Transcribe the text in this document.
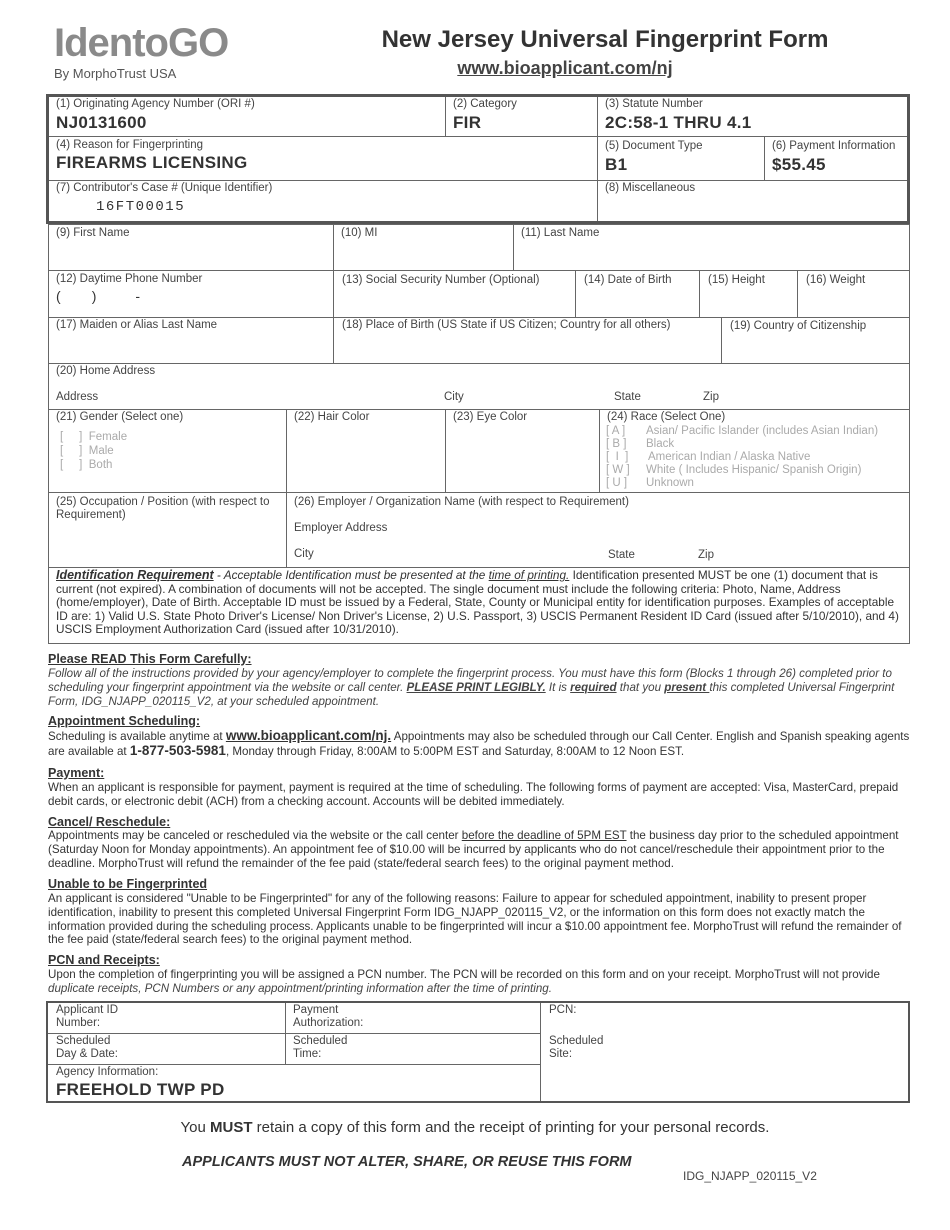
IdentoGO
By MorphoTrust USA
New Jersey Universal Fingerprint Form
www.bioapplicant.com/nj
(1) Originating Agency Number (ORI #)
NJ0131600
(2) Category
FIR
(3) Statute Number
2C:58-1 THRU 4.1
(4) Reason for Fingerprinting
FIREARMS LICENSING
(5) Document Type
B1
(6) Payment Information
$55.45
(7) Contributor's Case # (Unique Identifier)
16FT00015
(8) Miscellaneous
(9) First Name	(10) MI	(11) Last Name
(12) Daytime Phone Number
(        )          -
(13) Social Security Number (Optional)	(14) Date of Birth	(15) Height	(16) Weight
(17) Maiden or Alias Last Name	(18) Place of Birth (US State if US Citizen; Country for all others)	(19) Country of Citizenship
(20) Home Address
Address	City	State	Zip
(21) Gender (Select one)
[     ]  Female
[     ]  Male
[     ]  Both
(22) Hair Color	(23) Eye Color	(24) Race (Select One)
[ A ] Asian/ Pacific Islander (includes Asian Indian)
[ B ] Black
[  I  ] American Indian / Alaska Native
[ W ] White ( Includes Hispanic/ Spanish Origin)
[ U ] Unknown
(25) Occupation / Position (with respect to Requirement)
(26) Employer / Organization Name (with respect to Requirement)
Employer Address
City	State	Zip
Identification Requirement - Acceptable Identification must be presented at the time of printing. Identification presented MUST be one (1) document that is current (not expired). A combination of documents will not be accepted. The single document must include the following criteria: Photo, Name, Address (home/employer), Date of Birth. Acceptable ID must be issued by a Federal, State, County or Municipal entity for identification purposes. Examples of acceptable ID are: 1) Valid U.S. State Photo Driver's License/ Non Driver's License, 2) U.S. Passport, 3) USCIS Permanent Resident ID Card (issued after 5/10/2010), and 4) USCIS Employment Authorization Card (issued after 10/31/2010).
Please READ This Form Carefully:
Follow all of the instructions provided by your agency/employer to complete the fingerprint process. You must have this form (Blocks 1 through 26) completed prior to scheduling your fingerprint appointment via the website or call center. PLEASE PRINT LEGIBLY. It is required that you present this completed Universal Fingerprint Form, IDG_NJAPP_020115_V2, at your scheduled appointment.
Appointment Scheduling:
Scheduling is available anytime at www.bioapplicant.com/nj. Appointments may also be scheduled through our Call Center. English and Spanish speaking agents are available at 1-877-503-5981, Monday through Friday, 8:00AM to 5:00PM EST and Saturday, 8:00AM to 12 Noon EST.
Payment:
When an applicant is responsible for payment, payment is required at the time of scheduling. The following forms of payment are accepted: Visa, MasterCard, prepaid debit cards, or electronic debit (ACH) from a checking account. Accounts will be debited immediately.
Cancel/ Reschedule:
Appointments may be canceled or rescheduled via the website or the call center before the deadline of 5PM EST the business day prior to the scheduled appointment (Saturday Noon for Monday appointments). An appointment fee of $10.00 will be incurred by applicants who do not cancel/reschedule their appointment prior to the deadline. MorphoTrust will refund the remainder of the fee paid (state/federal search fees) to the original payment method.
Unable to be Fingerprinted
An applicant is considered "Unable to be Fingerprinted" for any of the following reasons: Failure to appear for scheduled appointment, inability to present proper identification, inability to present this completed Universal Fingerprint Form IDG_NJAPP_020115_V2, or the information on this form does not exactly match the information provided during the scheduling process. Applicants unable to be fingerprinted will incur a $10.00 appointment fee. MorphoTrust will refund the remainder of the fee paid (state/federal search fees) to the original payment method.
PCN and Receipts:
Upon the completion of fingerprinting you will be assigned a PCN number. The PCN will be recorded on this form and on your receipt. MorphoTrust will not provide duplicate receipts, PCN Numbers or any appointment/printing information after the time of printing.
Applicant ID
Number:
Payment
Authorization:
PCN:
Scheduled
Day & Date:
Scheduled
Time:
Scheduled
Site:
Agency Information:
FREEHOLD TWP PD
You MUST retain a copy of this form and the receipt of printing for your personal records.
APPLICANTS MUST NOT ALTER, SHARE, OR REUSE THIS FORM
IDG_NJAPP_020115_V2
